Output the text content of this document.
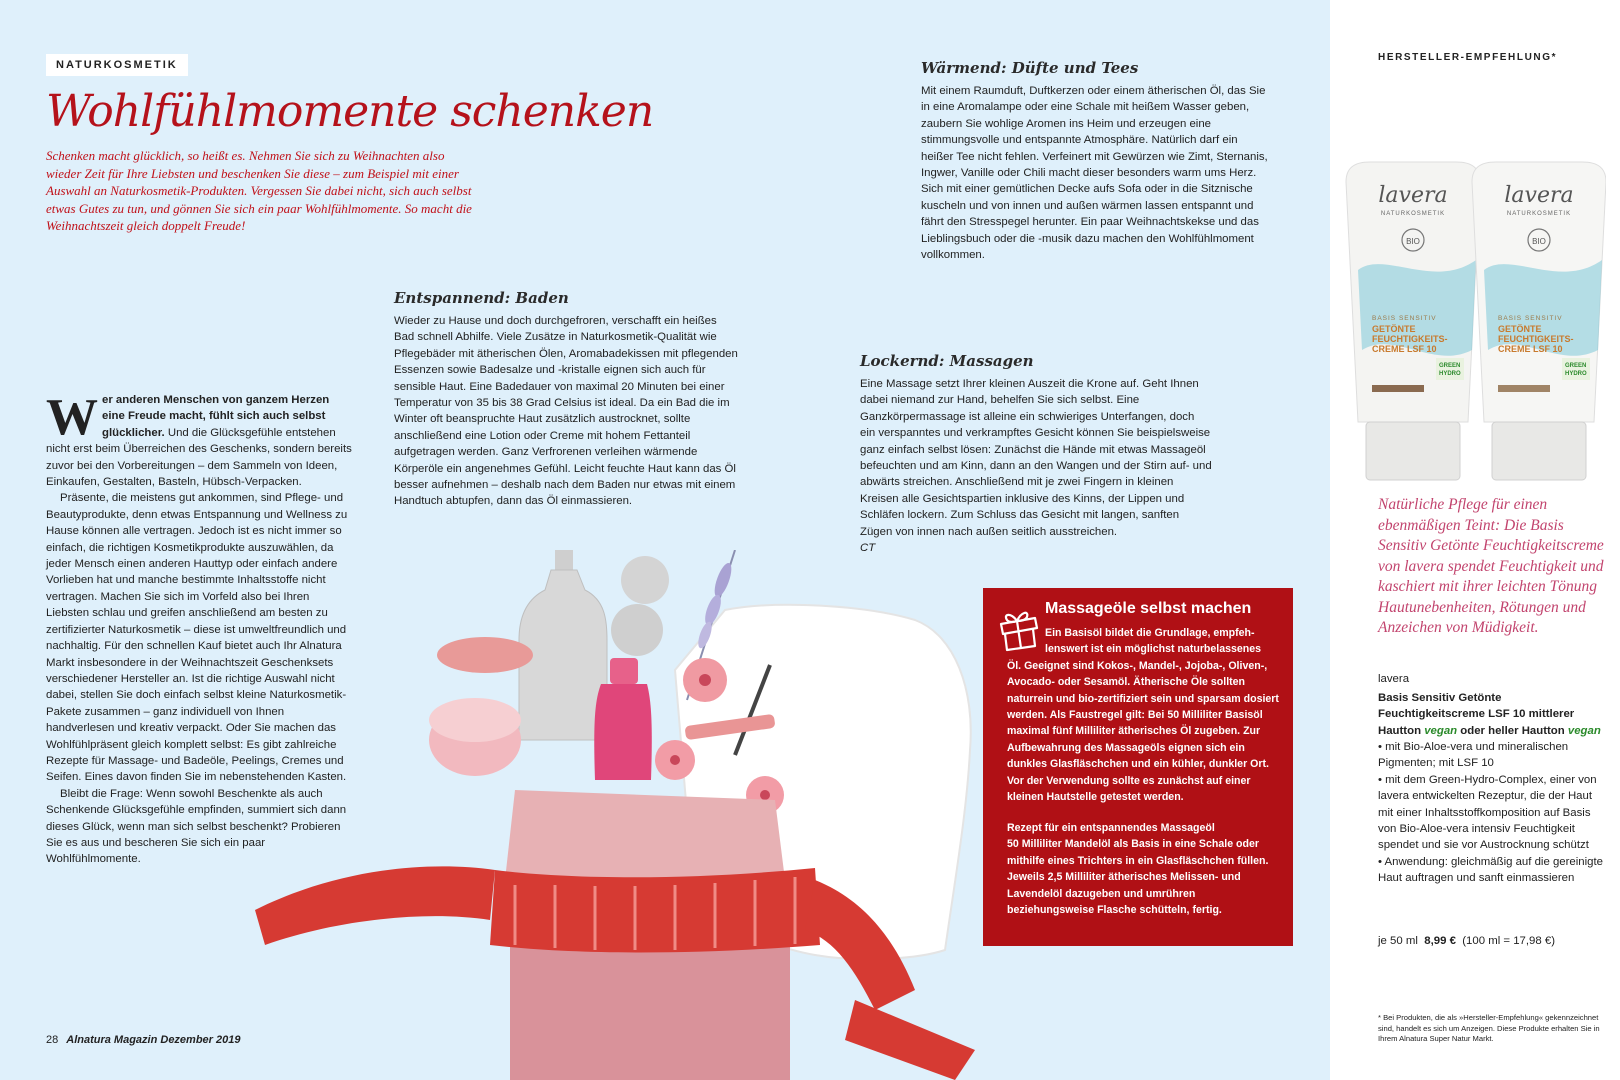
NATURKOSMETIK
Wohlfühlmomente schenken

Schenken macht glücklich, so heißt es. Nehmen Sie sich zu Weihnachten also wieder Zeit für Ihre Liebsten und beschenken Sie diese – zum Beispiel mit einer Auswahl an Naturkosmetik-Produkten. Vergessen Sie dabei nicht, sich auch selbst etwas Gutes zu tun, und gönnen Sie sich ein paar Wohlfühlmomente. So macht die Weihnachtszeit gleich doppelt Freude!

Wer anderen Menschen von ganzem Herzen eine Freude macht, fühlt sich auch selbst glücklicher. Und die Glücksgefühle entstehen nicht erst beim Überreichen des Geschenks, sondern bereits zuvor bei den Vorbereitungen – dem Sammeln von Ideen, Einkaufen, Gestalten, Basteln, Hübsch-Verpacken.

Präsente, die meistens gut ankommen, sind Pflege- und Beautyprodukte, denn etwas Entspannung und Wellness zu Hause können alle vertragen. Jedoch ist es nicht immer so einfach, die richtigen Kosmetikprodukte auszuwählen, da jeder Mensch einen anderen Hauttyp oder einfach andere Vorlieben hat und manche bestimmte Inhaltsstoffe nicht vertragen. Machen Sie sich im Vorfeld also bei Ihren Liebsten schlau und greifen anschließend am besten zu zertifizierter Naturkosmetik – diese ist umweltfreundlich und nachhaltig. Für den schnellen Kauf bietet auch Ihr Alnatura Markt insbesondere in der Weihnachtszeit Geschenksets verschiedener Hersteller an. Ist die richtige Auswahl nicht dabei, stellen Sie doch einfach selbst kleine Naturkosmetik-Pakete zusammen – ganz individuell von Ihnen handverlesen und kreativ verpackt. Oder Sie machen das Wohlfühlpräsent gleich komplett selbst: Es gibt zahlreiche Rezepte für Massage- und Badeöle, Peelings, Cremes und Seifen. Eines davon finden Sie im nebenstehenden Kasten.

Bleibt die Frage: Wenn sowohl Beschenkte als auch Schenkende Glücksgefühle empfinden, summiert sich dann dieses Glück, wenn man sich selbst beschenkt? Probieren Sie es aus und bescheren Sie sich ein paar Wohlfühlmomente.

Entspannend: Baden

Wieder zu Hause und doch durchgefroren, verschafft ein heißes Bad schnell Abhilfe. Viele Zusätze in Naturkosmetik-Qualität wie Pflegebäder mit ätherischen Ölen, Aromabadekissen mit pflegenden Essenzen sowie Badesalze und -kristalle eignen sich auch für sensible Haut. Eine Badedauer von maximal 20 Minuten bei einer Temperatur von 35 bis 38 Grad Celsius ist ideal. Da ein Bad die im Winter oft beanspruchte Haut zusätzlich austrocknet, sollte anschließend eine Lotion oder Creme mit hohem Fettanteil aufgetragen werden. Ganz Verfrorenen verleihen wärmende Körperöle ein angenehmes Gefühl. Leicht feuchte Haut kann das Öl besser aufnehmen – deshalb nach dem Baden nur etwas mit einem Handtuch abtupfen, dann das Öl einmassieren.

Wärmend: Düfte und Tees

Mit einem Raumduft, Duftkerzen oder einem ätherischen Öl, das Sie in eine Aromalampe oder eine Schale mit heißem Wasser geben, zaubern Sie wohlige Aromen ins Heim und erzeugen eine stimmungsvolle und entspannte Atmosphäre. Natürlich darf ein heißer Tee nicht fehlen. Verfeinert mit Gewürzen wie Zimt, Sternanis, Ingwer, Vanille oder Chili macht dieser besonders warm ums Herz. Sich mit einer gemütlichen Decke aufs Sofa oder in die Sitznische kuscheln und von innen und außen wärmen lassen entspannt und fährt den Stresspegel herunter. Ein paar Weihnachtskekse und das Lieblingsbuch oder die -musik dazu machen den Wohlfühlmoment vollkommen.

Lockernd: Massagen

Eine Massage setzt Ihrer kleinen Auszeit die Krone auf. Geht Ihnen dabei niemand zur Hand, behelfen Sie sich selbst. Eine Ganzkörpermassage ist alleine ein schwieriges Unterfangen, doch ein verspanntes und verkrampftes Gesicht können Sie beispielsweise ganz einfach selbst lösen: Zunächst die Hände mit etwas Massageöl befeuchten und am Kinn, dann an den Wangen und der Stirn auf- und abwärts streichen. Anschließend mit je zwei Fingern in kleinen Kreisen alle Gesichtspartien inklusive des Kinns, der Lippen und Schläfen lockern. Zum Schluss das Gesicht mit langen, sanften Zügen von innen nach außen seitlich ausstreichen.

CT

Massageöle selbst machen

Ein Basisöl bildet die Grundlage, empfeh-
lenswert ist ein möglichst naturbelassenes
Öl. Geeignet sind Kokos-, Mandel-, Jojoba-, Oliven-, Avocado- oder Sesamöl. Ätherische Öle sollten naturrein und bio-zertifiziert sein und sparsam dosiert werden. Als Faustregel gilt: Bei 50 Milliliter Basisöl maximal fünf Milliliter ätherisches Öl zugeben. Zur Aufbewahrung des Massageöls eignen sich ein dunkles Glasfläschchen und ein kühler, dunkler Ort. Vor der Verwendung sollte es zunächst auf einer kleinen Hautstelle getestet werden.

Rezept für ein entspannendes Massageöl
50 Milliliter Mandelöl als Basis in eine Schale oder mithilfe eines Trichters in ein Glasfläschchen füllen. Jeweils 2,5 Milliliter ätherisches Melissen- und Lavendelöl dazugeben und umrühren beziehungsweise Flasche schütteln, fertig.

28 Alnatura Magazin Dezember 2019
HERSTELLER-EMPFEHLUNG*
lavera
NATURKOSMETIK
BIO
BASIS SENSITIV
GETÖNTE
FEUCHTIGKEITS-
CREME LSF 10
GREEN
HYDRO
lavera
NATURKOSMETIK
BIO
BASIS SENSITIV
GETÖNTE
FEUCHTIGKEITS-
CREME LSF 10
GREEN
HYDRO

Natürliche Pflege für einen ebenmäßigen Teint: Die Basis Sensitiv Getönte Feuchtigkeitscreme von lavera spendet Feuchtigkeit und kaschiert mit ihrer leichten Tönung Hautunebenheiten, Rötungen und Anzeichen von Müdigkeit.

lavera

Basis Sensitiv Getönte Feuchtigkeitscreme LSF 10 mittlerer Hautton vegan oder heller Hautton vegan

• mit Bio-Aloe-vera und mineralischen Pigmenten; mit LSF 10
• mit dem Green-Hydro-Complex, einer von lavera entwickelten Rezeptur, die der Haut mit einer Inhaltsstoffkomposition auf Basis von Bio-Aloe-vera intensiv Feuchtigkeit spendet und sie vor Austrocknung schützt
• Anwendung: gleichmäßig auf die gereinigte Haut auftragen und sanft einmassieren
je 50 ml 8,99 € (100 ml = 17,98 €)

* Bei Produkten, die als »Hersteller-Empfehlung« gekennzeichnet sind, handelt es sich um Anzeigen. Diese Produkte erhalten Sie in Ihrem Alnatura Super Natur Markt.
